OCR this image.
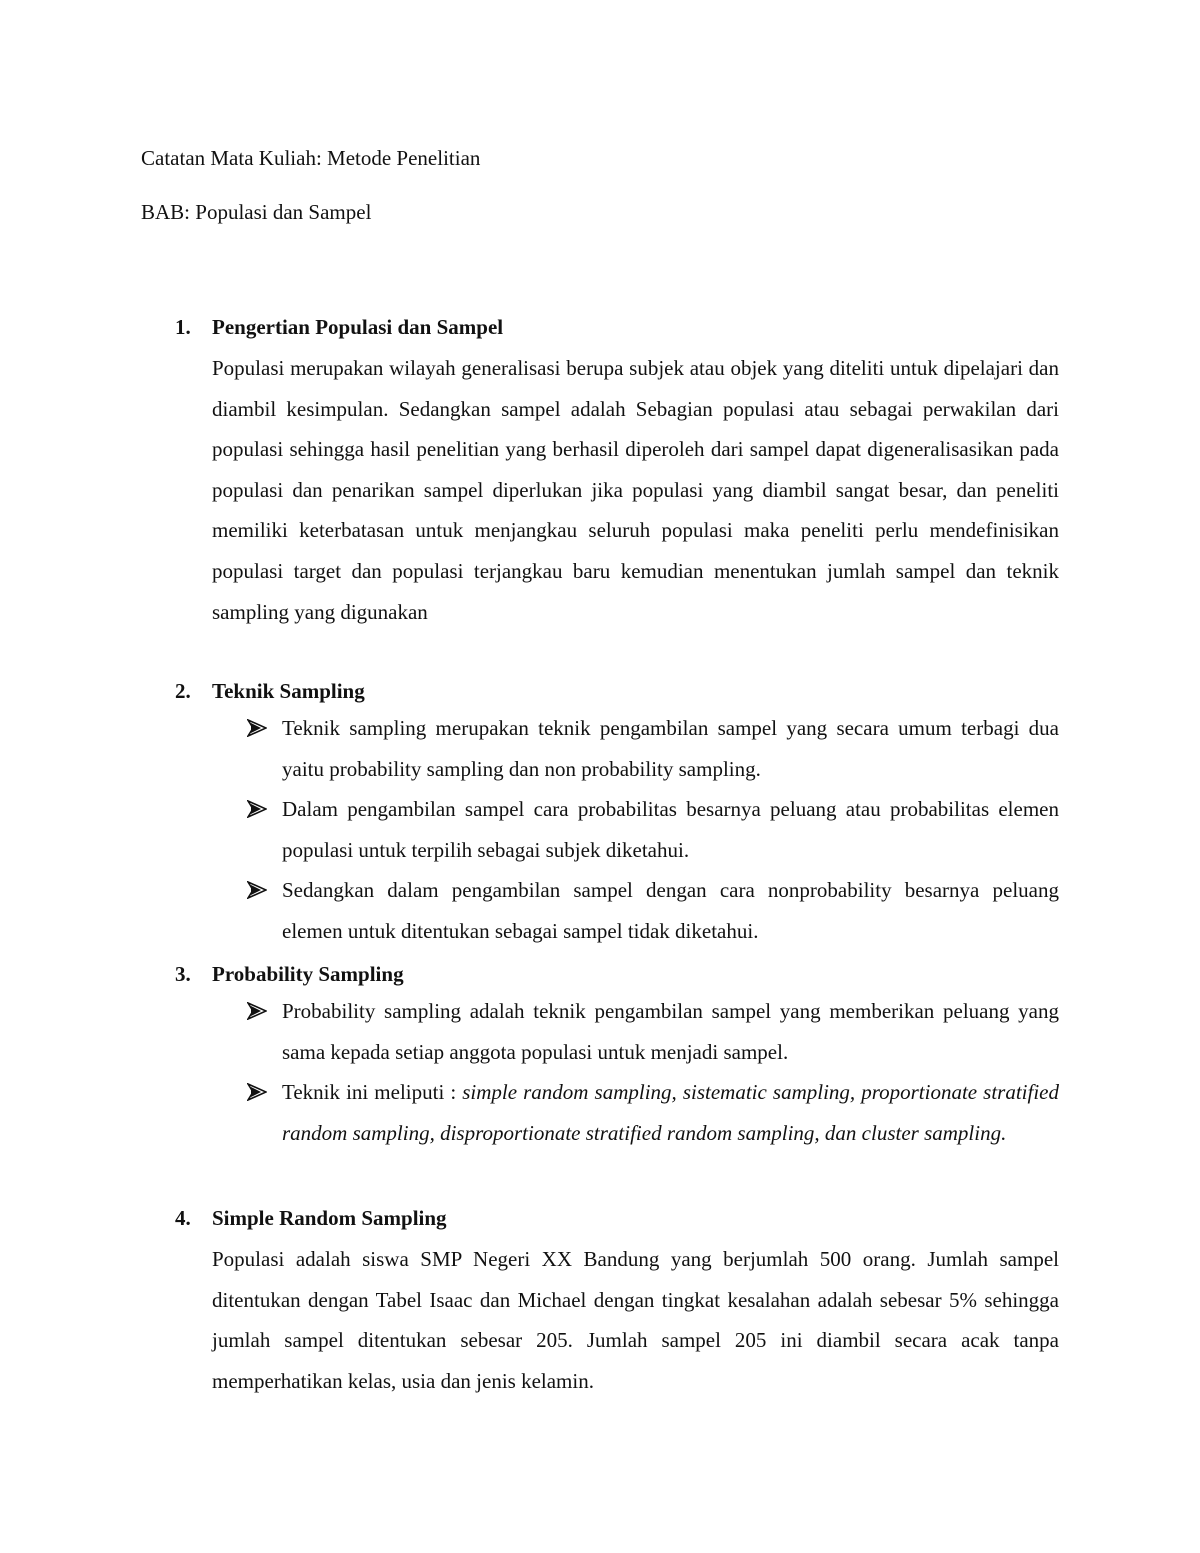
Catatan Mata Kuliah: Metode Penelitian
BAB: Populasi dan Sampel
1.	Pengertian Populasi dan Sampel
Populasi merupakan wilayah generalisasi berupa subjek atau objek yang diteliti untuk dipelajari dan diambil kesimpulan. Sedangkan sampel adalah Sebagian populasi atau sebagai perwakilan dari populasi sehingga hasil penelitian yang berhasil diperoleh dari sampel dapat digeneralisasikan pada populasi dan penarikan sampel diperlukan jika populasi yang diambil sangat besar, dan peneliti memiliki keterbatasan untuk menjangkau seluruh populasi maka peneliti perlu mendefinisikan populasi target dan populasi terjangkau baru kemudian menentukan jumlah sampel dan teknik sampling yang digunakan
2.	Teknik Sampling
Teknik sampling merupakan teknik pengambilan sampel yang secara umum terbagi dua yaitu probability sampling dan non probability sampling.
Dalam pengambilan sampel cara probabilitas besarnya peluang atau probabilitas elemen populasi untuk terpilih sebagai subjek diketahui.
Sedangkan dalam pengambilan sampel dengan cara nonprobability besarnya peluang elemen untuk ditentukan sebagai sampel tidak diketahui.
3.	Probability Sampling
Probability sampling adalah teknik pengambilan sampel yang memberikan peluang yang sama kepada setiap anggota populasi untuk menjadi sampel.
Teknik ini meliputi : simple random sampling, sistematic sampling, proportionate stratified random sampling, disproportionate stratified random sampling, dan cluster sampling.
4.	Simple Random Sampling
Populasi adalah siswa SMP Negeri XX Bandung yang berjumlah 500 orang. Jumlah sampel ditentukan dengan Tabel Isaac dan Michael dengan tingkat kesalahan adalah sebesar 5% sehingga jumlah sampel ditentukan sebesar 205. Jumlah sampel 205 ini diambil secara acak tanpa memperhatikan kelas, usia dan jenis kelamin.
